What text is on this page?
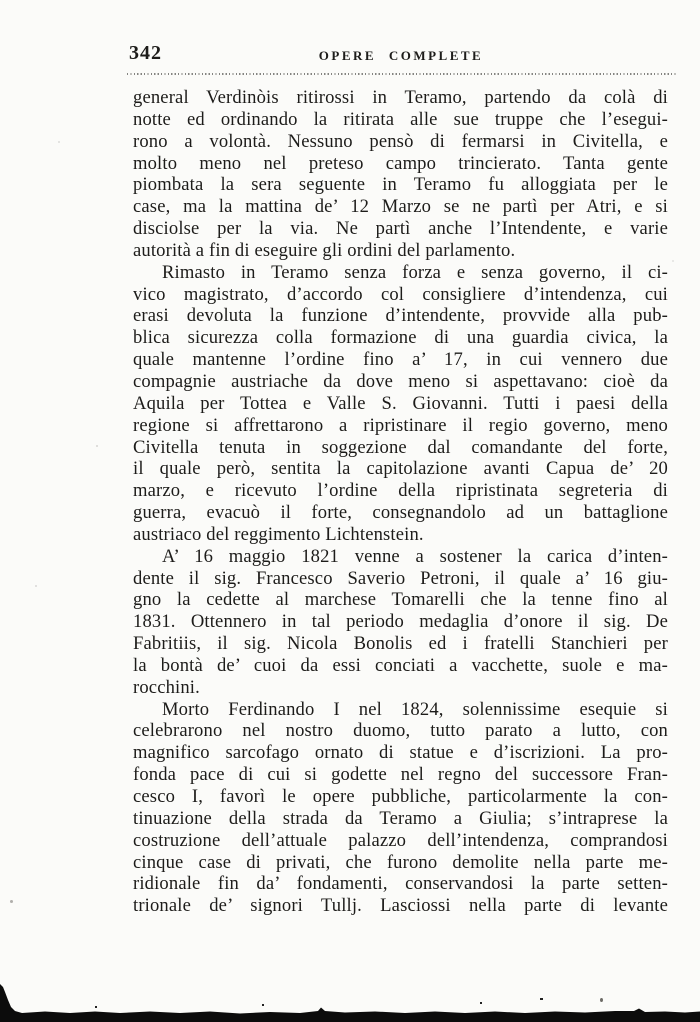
342	OPERE COMPLETE
general Verdinòis ritirossi in Teramo, partendo da colà di
notte ed ordinando la ritirata alle sue truppe che l’esegui-
rono a volontà. Nessuno pensò di fermarsi in Civitella, e
molto meno nel preteso campo trincierato. Tanta gente
piombata la sera seguente in Teramo fu alloggiata per le
case, ma la mattina de’ 12 Marzo se ne partì per Atri, e si
disciolse per la via. Ne partì anche l’Intendente, e varie
autorità a fin di eseguire gli ordini del parlamento.
Rimasto in Teramo senza forza e senza governo, il ci-
vico magistrato, d’accordo col consigliere d’intendenza, cui
erasi devoluta la funzione d’intendente, provvide alla pub-
blica sicurezza colla formazione di una guardia civica, la
quale mantenne l’ordine fino a’ 17, in cui vennero due
compagnie austriache da dove meno si aspettavano: cioè da
Aquila per Tottea e Valle S. Giovanni. Tutti i paesi della
regione si affrettarono a ripristinare il regio governo, meno
Civitella tenuta in soggezione dal comandante del forte,
il quale però, sentita la capitolazione avanti Capua de’ 20
marzo, e ricevuto l’ordine della ripristinata segreteria di
guerra, evacuò il forte, consegnandolo ad un battaglione
austriaco del reggimento Lichtenstein.
A’ 16 maggio 1821 venne a sostener la carica d’inten-
dente il sig. Francesco Saverio Petroni, il quale a’ 16 giu-
gno la cedette al marchese Tomarelli che la tenne fino al
1831. Ottennero in tal periodo medaglia d’onore il sig. De
Fabritiis, il sig. Nicola Bonolis ed i fratelli Stanchieri per
la bontà de’ cuoi da essi conciati a vacchette, suole e ma-
rocchini.
Morto Ferdinando I nel 1824, solennissime esequie si
celebrarono nel nostro duomo, tutto parato a lutto, con
magnifico sarcofago ornato di statue e d’iscrizioni. La pro-
fonda pace di cui si godette nel regno del successore Fran-
cesco I, favorì le opere pubbliche, particolarmente la con-
tinuazione della strada da Teramo a Giulia; s’intraprese la
costruzione dell’attuale palazzo dell’intendenza, comprandosi
cinque case di privati, che furono demolite nella parte me-
ridionale fin da’ fondamenti, conservandosi la parte setten-
trionale de’ signori Tullj. Lasciossi nella parte di levante
